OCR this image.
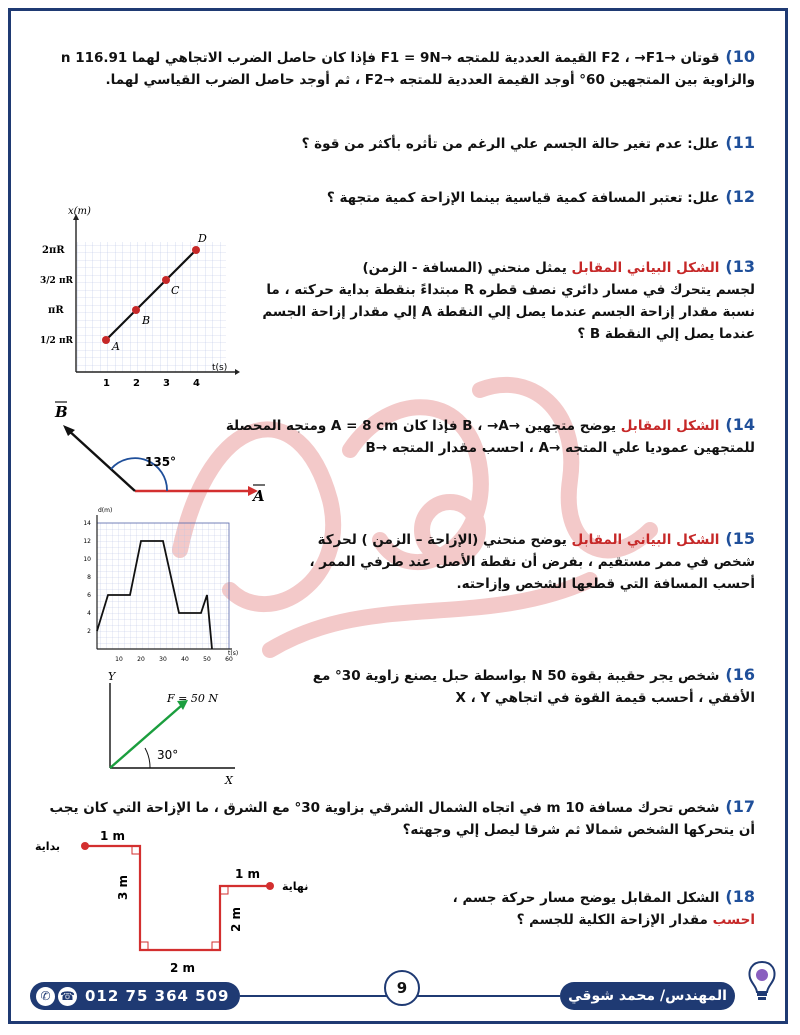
10)قوتان →F2 ، →F1 القيمة العددية للمتجه →F1 = 9N فإذا كان حاصل الضرب الاتجاهي لهما 116.91 n والزاوية بين المتجهين 60° أوجد القيمة العددية للمتجه →F2 ، ثم أوجد حاصل الضرب القياسي لهما.
11)علل: عدم تغير حالة الجسم علي الرغم من تأثره بأكثر من قوة ؟
12)علل: تعتبر المسافة كمية قياسية بينما الإزاحة كمية متجهة ؟
13)الشكل البياني المقابل يمثل منحني (المسافة - الزمن)
لجسم يتحرك في مسار دائري نصف قطره R مبتداءً بنقطة بداية حركته ، ما نسبة مقدار إزاحة الجسم عندما يصل إلي النقطة A إلي مقدار إزاحة الجسم عندما يصل إلي النقطة B ؟
x(m)
t(s)
A
B
C
D
2πR
3/2 πR
πR
1/2 πR
1 2 3 4
14)الشكل المقابل يوضح متجهين →B ، →A فإذا كان A = 8 cm ومتجه المحصلة للمتجهين عموديا علي المتجه →A ، احسب مقدار المتجه →B
135°
A
B
15)الشكل البياني المقابل يوضح منحني (الإزاحة – الزمن ) لحركة شخص في ممر مستقيم ، بفرض أن نقطة الأصل عند طرفي الممر ، أحسب المسافة التي قطعها الشخص وإزاحته.
d(m)
t(s)
2
4
6
8
10
12
14
10 20 30 40 50 60
16)شخص يجر حقيبة بقوة 50 N بواسطة حبل يصنع زاوية 30° مع الأفقي ، أحسب قيمة القوة في اتجاهي X ، Y
30°
F = 50 N
Y
X
17)شخص تحرك مسافة 10 m في اتجاه الشمال الشرقي بزاوية 30° مع الشرق ، ما الإزاحة التي كان يجب أن يتحركها الشخص شمالا ثم شرقا ليصل إلي وجهته؟
18)الشكل المقابل يوضح مسار حركة جسم ،
احسب مقدار الإزاحة الكلية للجسم ؟
بداية
نهاية
1 m
3 m
2 m
2 m
1 m
✆ ☎ 012 75 364 509	9	المهندس/ محمد شوقي
